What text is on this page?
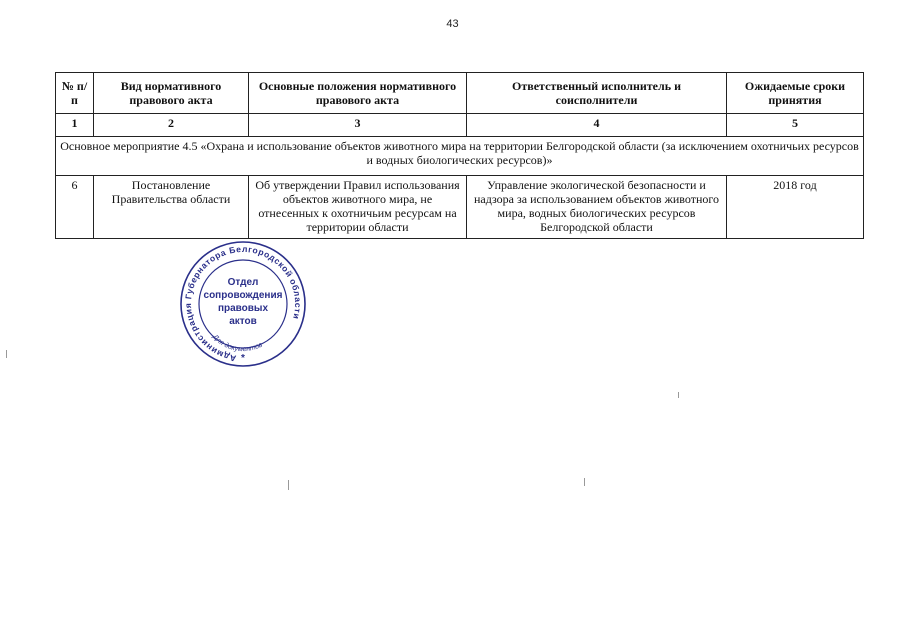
43
№ п/п	Вид нормативного правового акта	Основные положения нормативного правового акта	Ответственный исполнитель и соисполнители	Ожидаемые сроки принятия
1	2	3	4	5
Основное мероприятие 4.5 «Охрана и использование объектов животного мира на территории Белгородской области (за исключением охотничьих ресурсов и водных биологических ресурсов)»				
6	Постановление Правительства области	Об утверждении Правил использования объектов животного мира, не отнесенных к охотничьим ресурсам на территории области	Управление экологической безопасности и надзора за использованием объектов животного мира, водных биологических ресурсов Белгородской области	2018 год
Администрация Губернатора Белгородской области
Отдел
сопровождения
правовых
актов
Для документов
*
